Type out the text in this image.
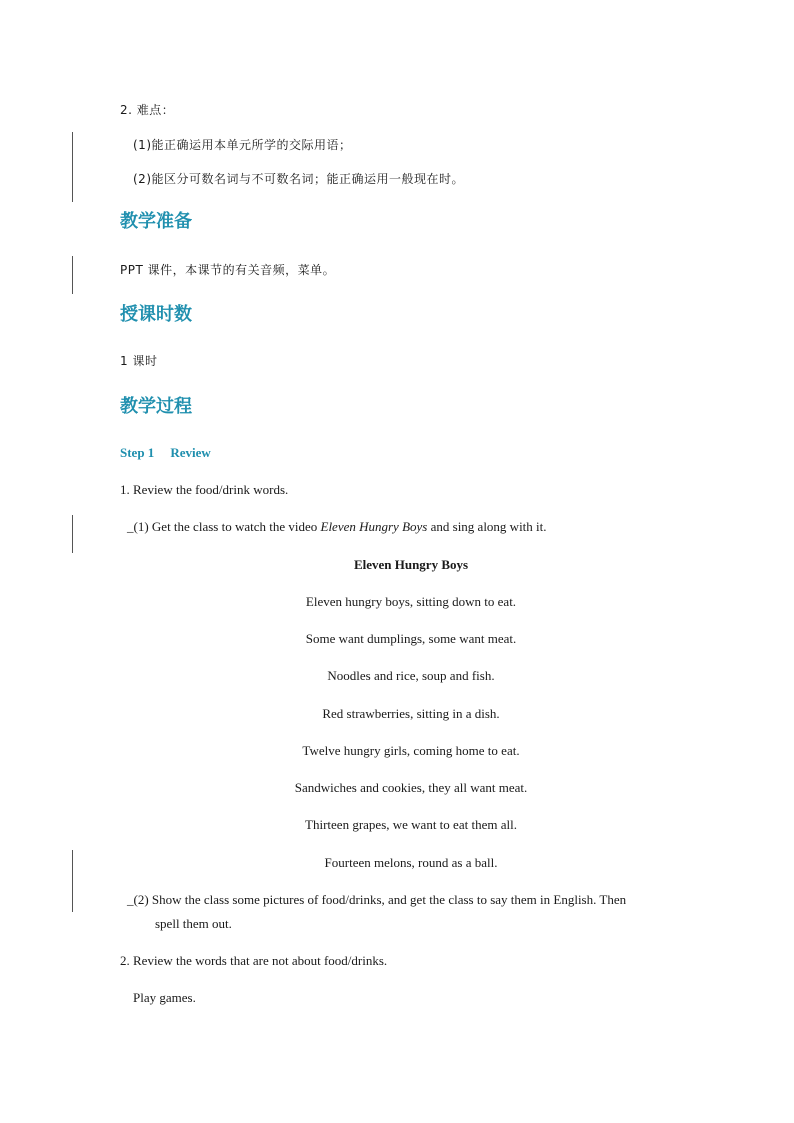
2. 难点：
(1)能正确运用本单元所学的交际用语；
(2)能区分可数名词与不可数名词；能正确运用一般现在时。
教学准备
PPT 课件，本课节的有关音频，菜单。
授课时数
1 课时
教学过程
Step 1 Review
1. Review the food/drink words.
_(1) Get the class to watch the video Eleven Hungry Boys and sing along with it.
Eleven Hungry Boys
Eleven hungry boys, sitting down to eat.
Some want dumplings, some want meat.
Noodles and rice, soup and fish.
Red strawberries, sitting in a dish.
Twelve hungry girls, coming home to eat.
Sandwiches and cookies, they all want meat.
Thirteen grapes, we want to eat them all.
Fourteen melons, round as a ball.
_(2) Show the class some pictures of food/drinks, and get the class to say them in English. Then
spell them out.
2. Review the words that are not about food/drinks.
Play games.
